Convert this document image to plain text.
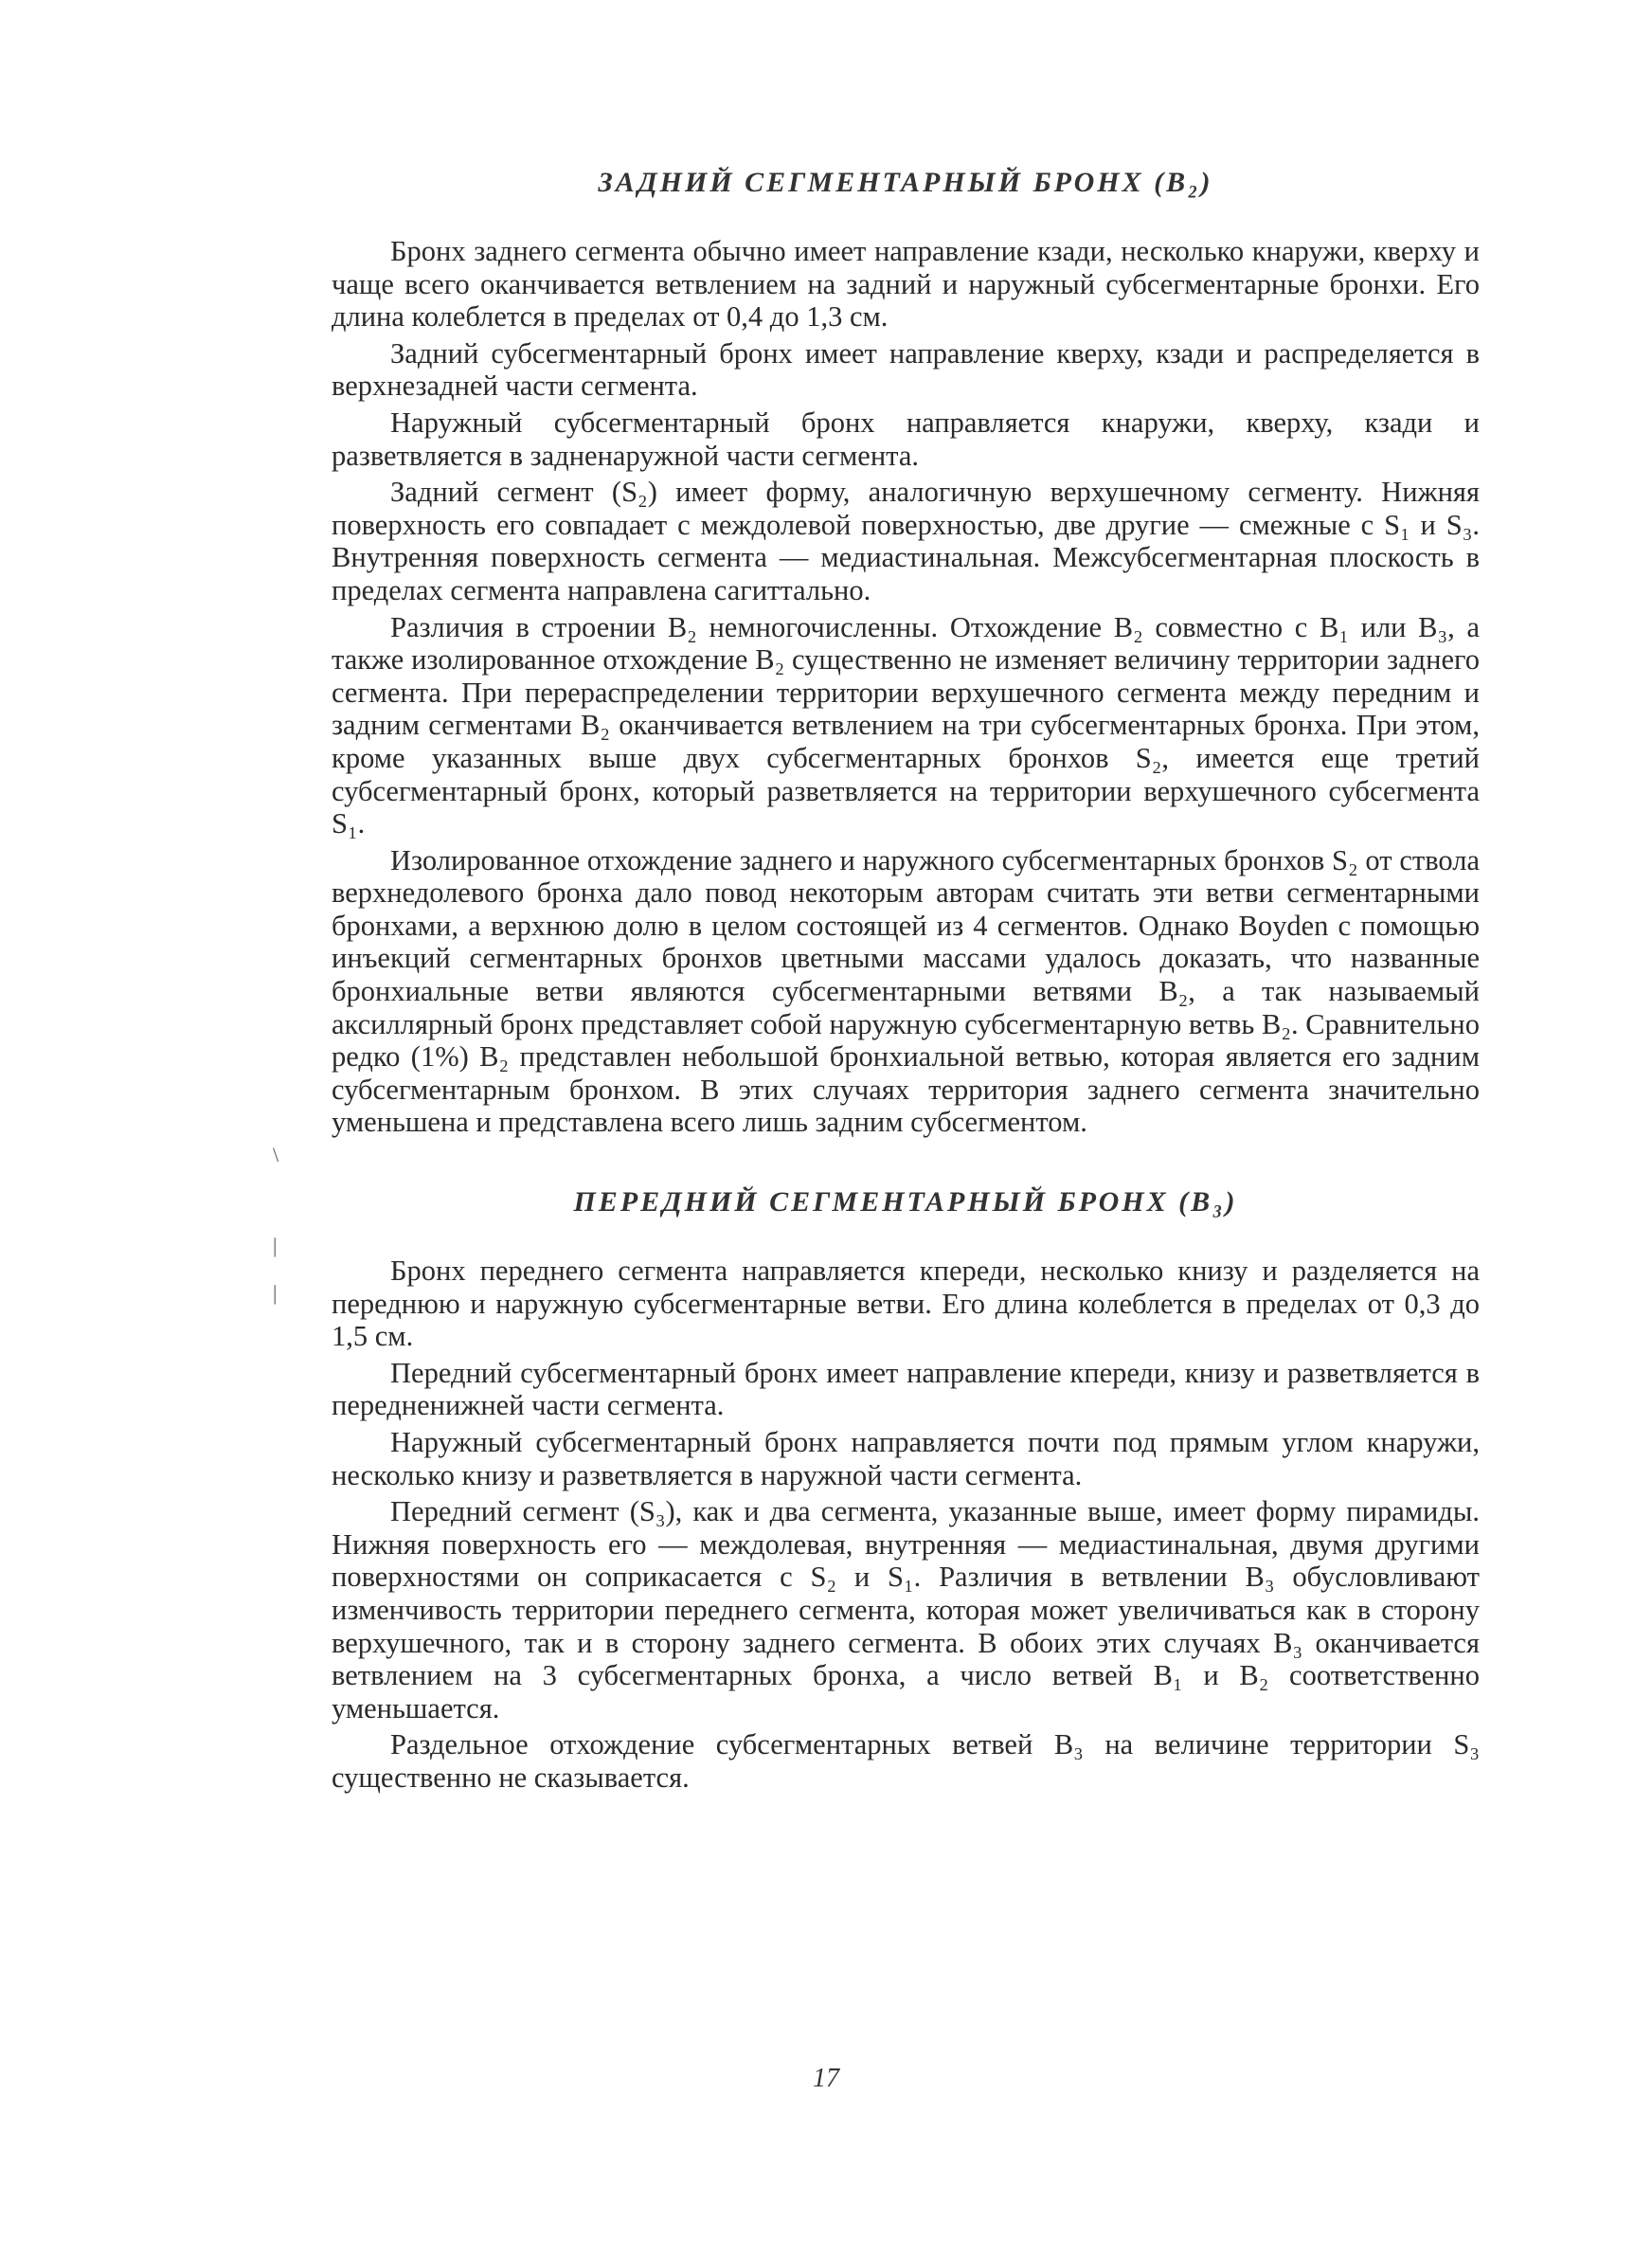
ЗАДНИЙ СЕГМЕНТАРНЫЙ БРОНХ (B₂)

Бронх заднего сегмента обычно имеет направление кзади, несколько кнаружи, кверху и чаще всего оканчивается ветвлением на задний и наружный субсегментарные бронхи. Его длина колеблется в пределах от 0,4 до 1,3 см.

Задний субсегментарный бронх имеет направление кверху, кзади и распределяется в верхнезадней части сегмента.

Наружный субсегментарный бронх направляется кнаружи, кверху, кзади и разветвляется в задненаружной части сегмента.

Задний сегмент (S₂) имеет форму, аналогичную верхушечному сегменту. Нижняя поверхность его совпадает с междолевой поверхностью, две другие — смежные с S₁ и S₃. Внутренняя поверхность сегмента — медиастинальная. Межсубсегментарная плоскость в пределах сегмента направлена сагиттально.

Различия в строении B₂ немногочисленны. Отхождение B₂ совместно с B₁ или B₃, а также изолированное отхождение B₂ существенно не изменяет величину территории заднего сегмента. При перераспределении территории верхушечного сегмента между передним и задним сегментами B₂ оканчивается ветвлением на три субсегментарных бронха. При этом, кроме указанных выше двух субсегментарных бронхов S₂, имеется еще третий субсегментарный бронх, который разветвляется на территории верхушечного субсегмента S₁.

Изолированное отхождение заднего и наружного субсегментарных бронхов S₂ от ствола верхнедолевого бронха дало повод некоторым авторам считать эти ветви сегментарными бронхами, а верхнюю долю в целом состоящей из 4 сегментов. Однако Boyden с помощью инъекций сегментарных бронхов цветными массами удалось доказать, что названные бронхиальные ветви являются субсегментарными ветвями B₂, а так называемый аксиллярный бронх представляет собой наружную субсегментарную ветвь B₂. Сравнительно редко (1%) B₂ представлен небольшой бронхиальной ветвью, которая является его задним субсегментарным бронхом. В этих случаях территория заднего сегмента значительно уменьшена и представлена всего лишь задним субсегментом.

ПЕРЕДНИЙ СЕГМЕНТАРНЫЙ БРОНХ (B₃)

Бронх переднего сегмента направляется кпереди, несколько книзу и разделяется на переднюю и наружную субсегментарные ветви. Его длина колеблется в пределах от 0,3 до 1,5 см.

Передний субсегментарный бронх имеет направление кпереди, книзу и разветвляется в передненижней части сегмента.

Наружный субсегментарный бронх направляется почти под прямым углом кнаружи, несколько книзу и разветвляется в наружной части сегмента.

Передний сегмент (S₃), как и два сегмента, указанные выше, имеет форму пирамиды. Нижняя поверхность его — междолевая, внутренняя — медиастинальная, двумя другими поверхностями он соприкасается с S₂ и S₁. Различия в ветвлении B₃ обусловливают изменчивость территории переднего сегмента, которая может увеличиваться как в сторону верхушечного, так и в сторону заднего сегмента. В обоих этих случаях B₃ оканчивается ветвлением на 3 субсегментарных бронха, а число ветвей B₁ и B₂ соответственно уменьшается.

Раздельное отхождение субсегментарных ветвей B₃ на величине территории S₃ существенно не сказывается.

\
|
|
17
